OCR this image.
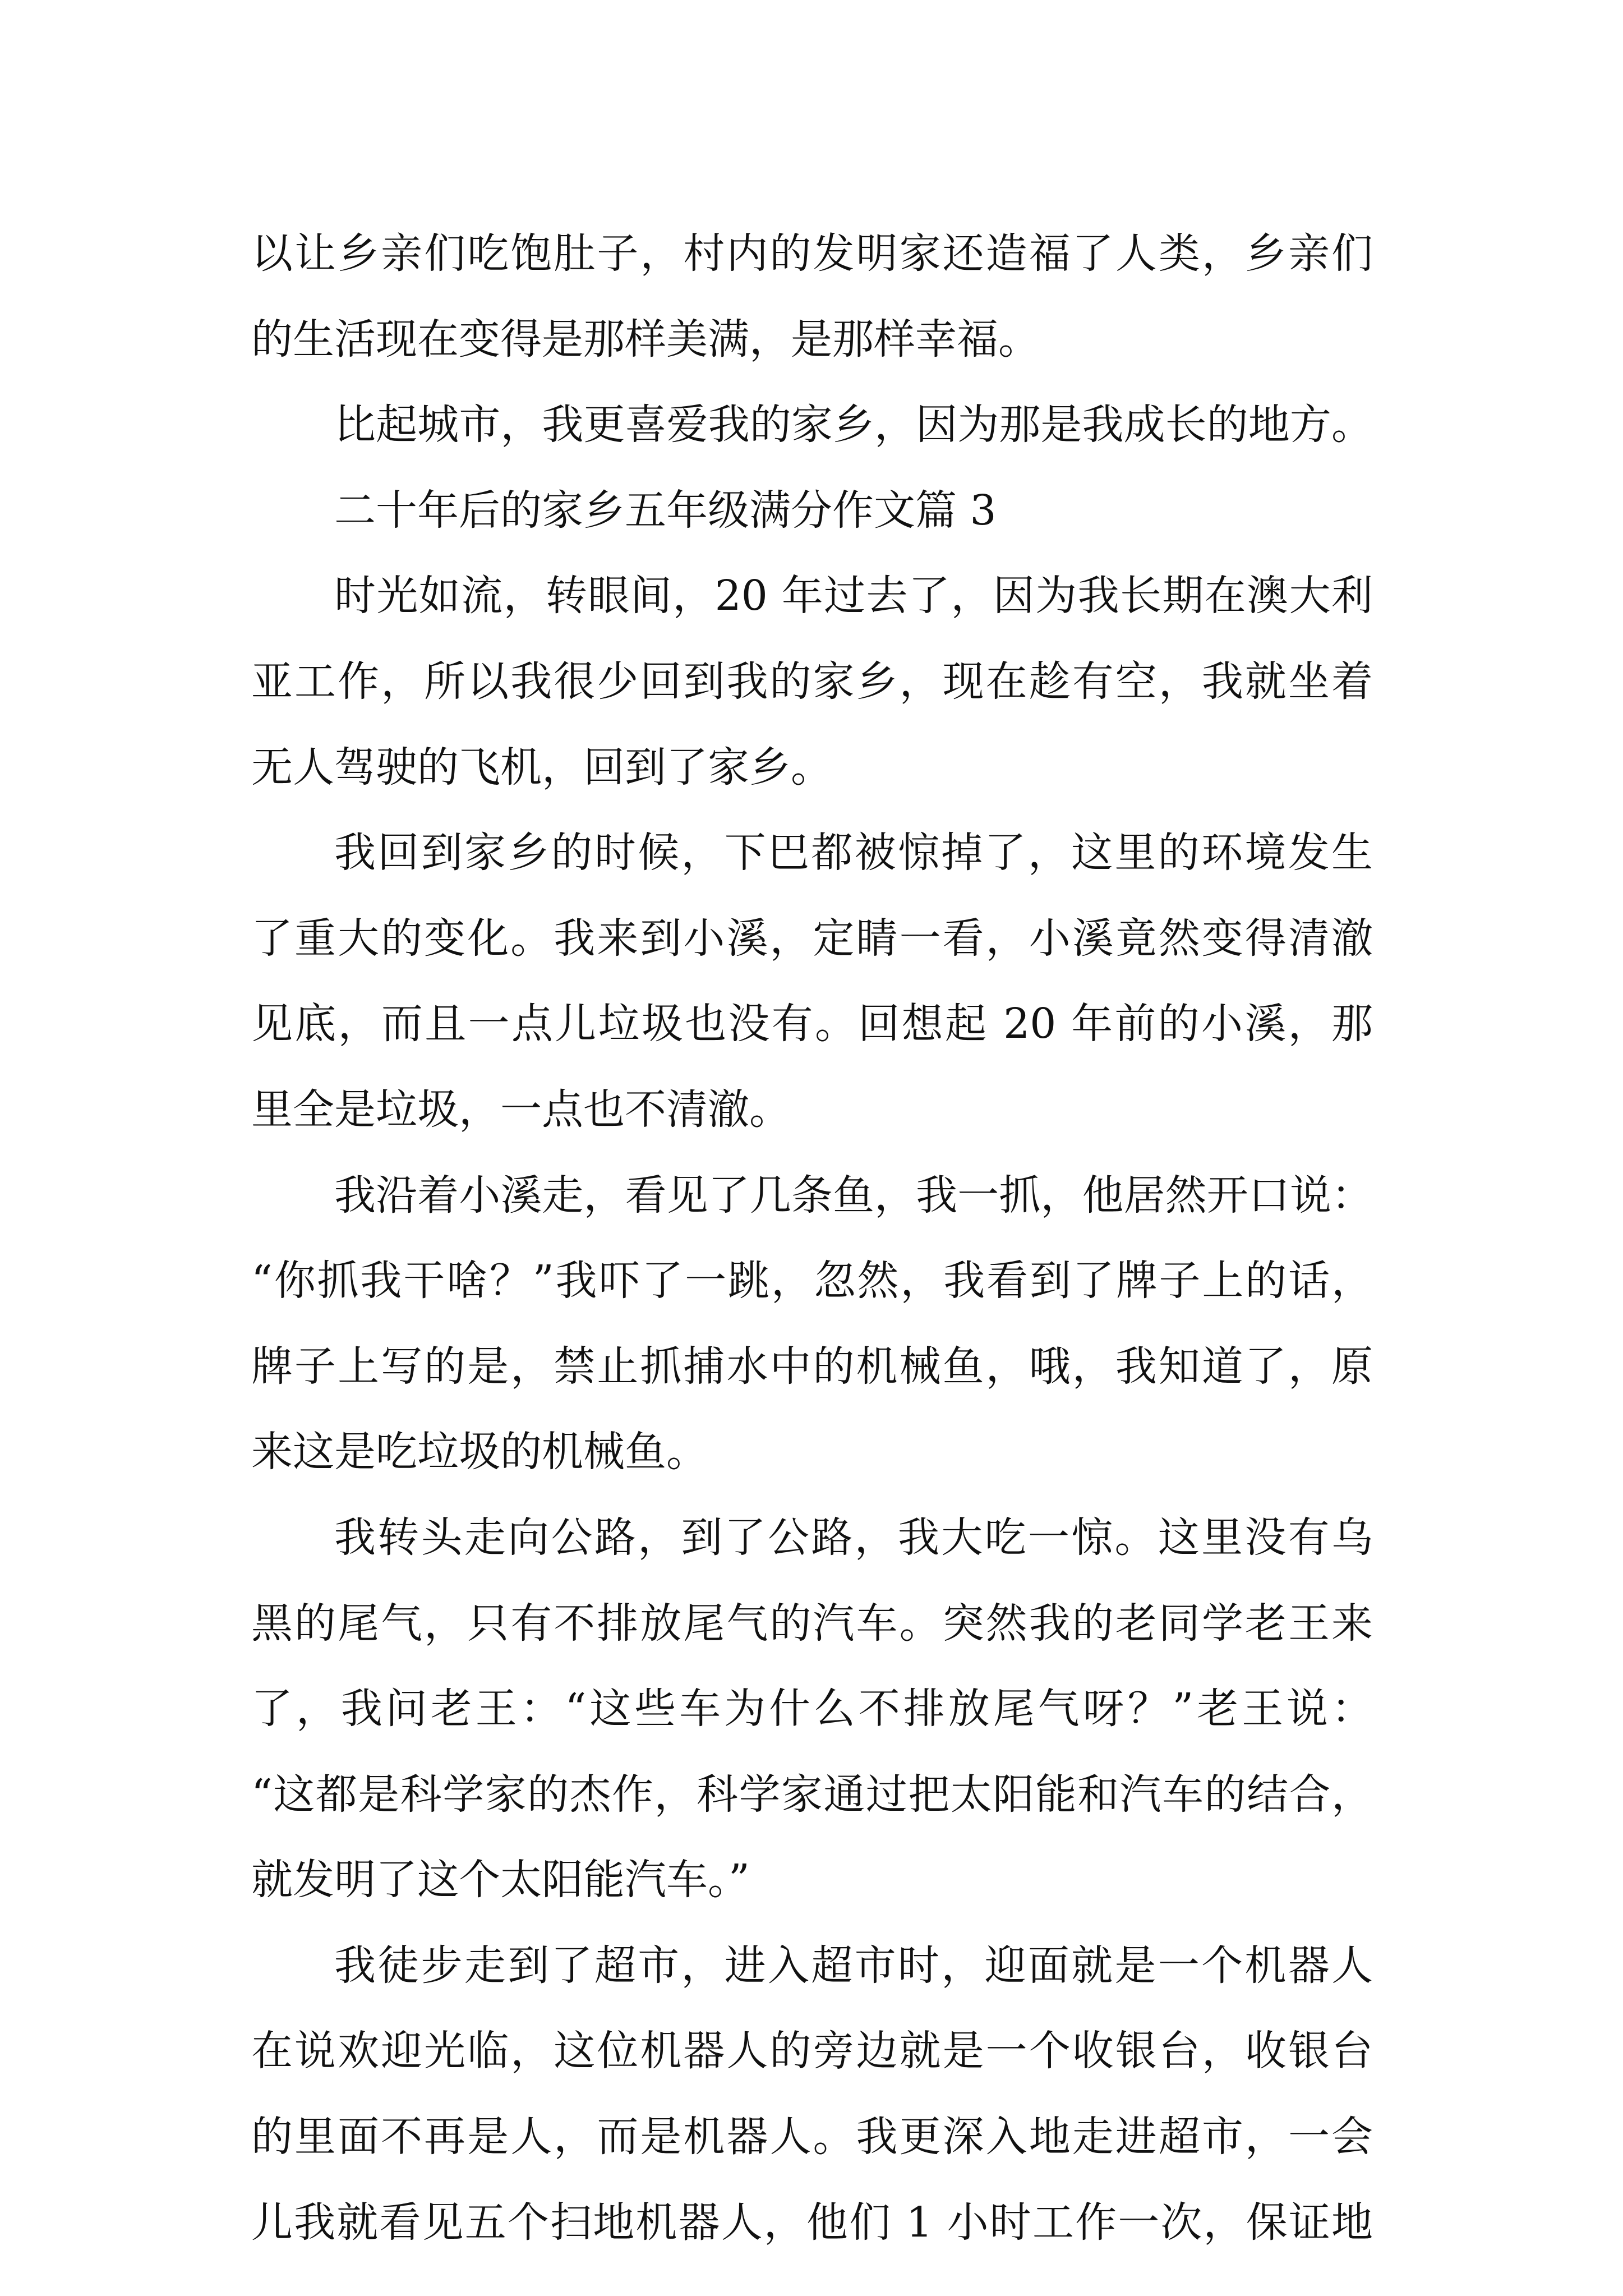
以让乡亲们吃饱肚子，村内的发明家还造福了人类，乡亲们
的生活现在变得是那样美满，是那样幸福。
比起城市，我更喜爱我的家乡，因为那是我成长的地方。
二十年后的家乡五年级满分作文篇 3
时光如流，转眼间，20 年过去了，因为我长期在澳大利
亚工作，所以我很少回到我的家乡，现在趁有空，我就坐着
无人驾驶的飞机，回到了家乡。
我回到家乡的时候，下巴都被惊掉了，这里的环境发生
了重大的变化。我来到小溪，定睛一看，小溪竟然变得清澈
见底，而且一点儿垃圾也没有。回想起 20 年前的小溪，那
里全是垃圾，一点也不清澈。
我沿着小溪走，看见了几条鱼，我一抓，他居然开口说：
“你抓我干啥？”我吓了一跳，忽然，我看到了牌子上的话，
牌子上写的是，禁止抓捕水中的机械鱼，哦，我知道了，原
来这是吃垃圾的机械鱼。
我转头走向公路，到了公路，我大吃一惊。这里没有乌
黑的尾气，只有不排放尾气的汽车。突然我的老同学老王来
了，我问老王：“这些车为什么不排放尾气呀？”老王说：
“这都是科学家的杰作，科学家通过把太阳能和汽车的结合，
就发明了这个太阳能汽车。”
我徒步走到了超市，进入超市时，迎面就是一个机器人
在说欢迎光临，这位机器人的旁边就是一个收银台，收银台
的里面不再是人，而是机器人。我更深入地走进超市，一会
儿我就看见五个扫地机器人，他们 1 小时工作一次，保证地
